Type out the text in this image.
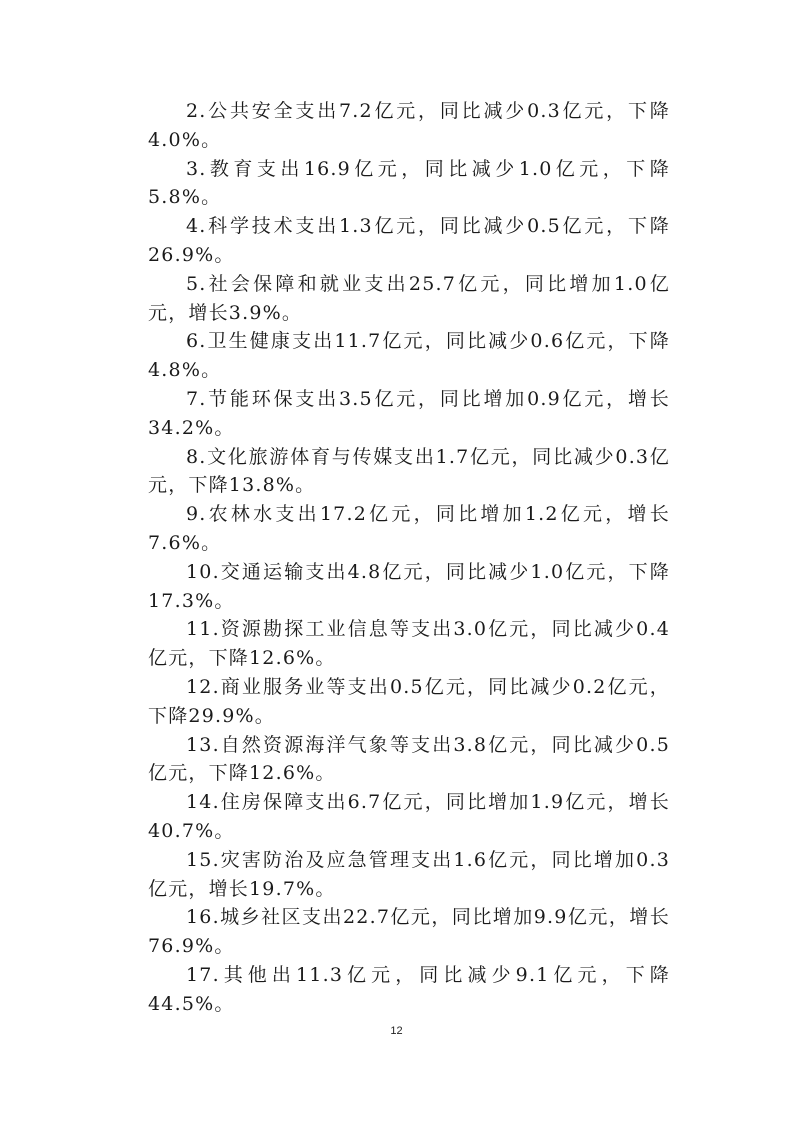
2.公共安全支出7.2亿元，同比减少0.3亿元，下降4.0%。

3.教育支出16.9亿元，同比减少1.0亿元，下降5.8%。

4.科学技术支出1.3亿元，同比减少0.5亿元，下降26.9%。

5.社会保障和就业支出25.7亿元，同比增加1.0亿元，增长3.9%。

6.卫生健康支出11.7亿元，同比减少0.6亿元，下降4.8%。

7.节能环保支出3.5亿元，同比增加0.9亿元，增长34.2%。

8.文化旅游体育与传媒支出1.7亿元，同比减少0.3亿元，下降13.8%。

9.农林水支出17.2亿元，同比增加1.2亿元，增长7.6%。

10.交通运输支出4.8亿元，同比减少1.0亿元，下降17.3%。

11.资源勘探工业信息等支出3.0亿元，同比减少0.4亿元，下降12.6%。

12.商业服务业等支出0.5亿元，同比减少0.2亿元，下降29.9%。

13.自然资源海洋气象等支出3.8亿元，同比减少0.5亿元，下降12.6%。

14.住房保障支出6.7亿元，同比增加1.9亿元，增长40.7%。

15.灾害防治及应急管理支出1.6亿元，同比增加0.3亿元，增长19.7%。

16.城乡社区支出22.7亿元，同比增加9.9亿元，增长76.9%。

17.其他出11.3亿元，同比减少9.1亿元，下降44.5%。

12
